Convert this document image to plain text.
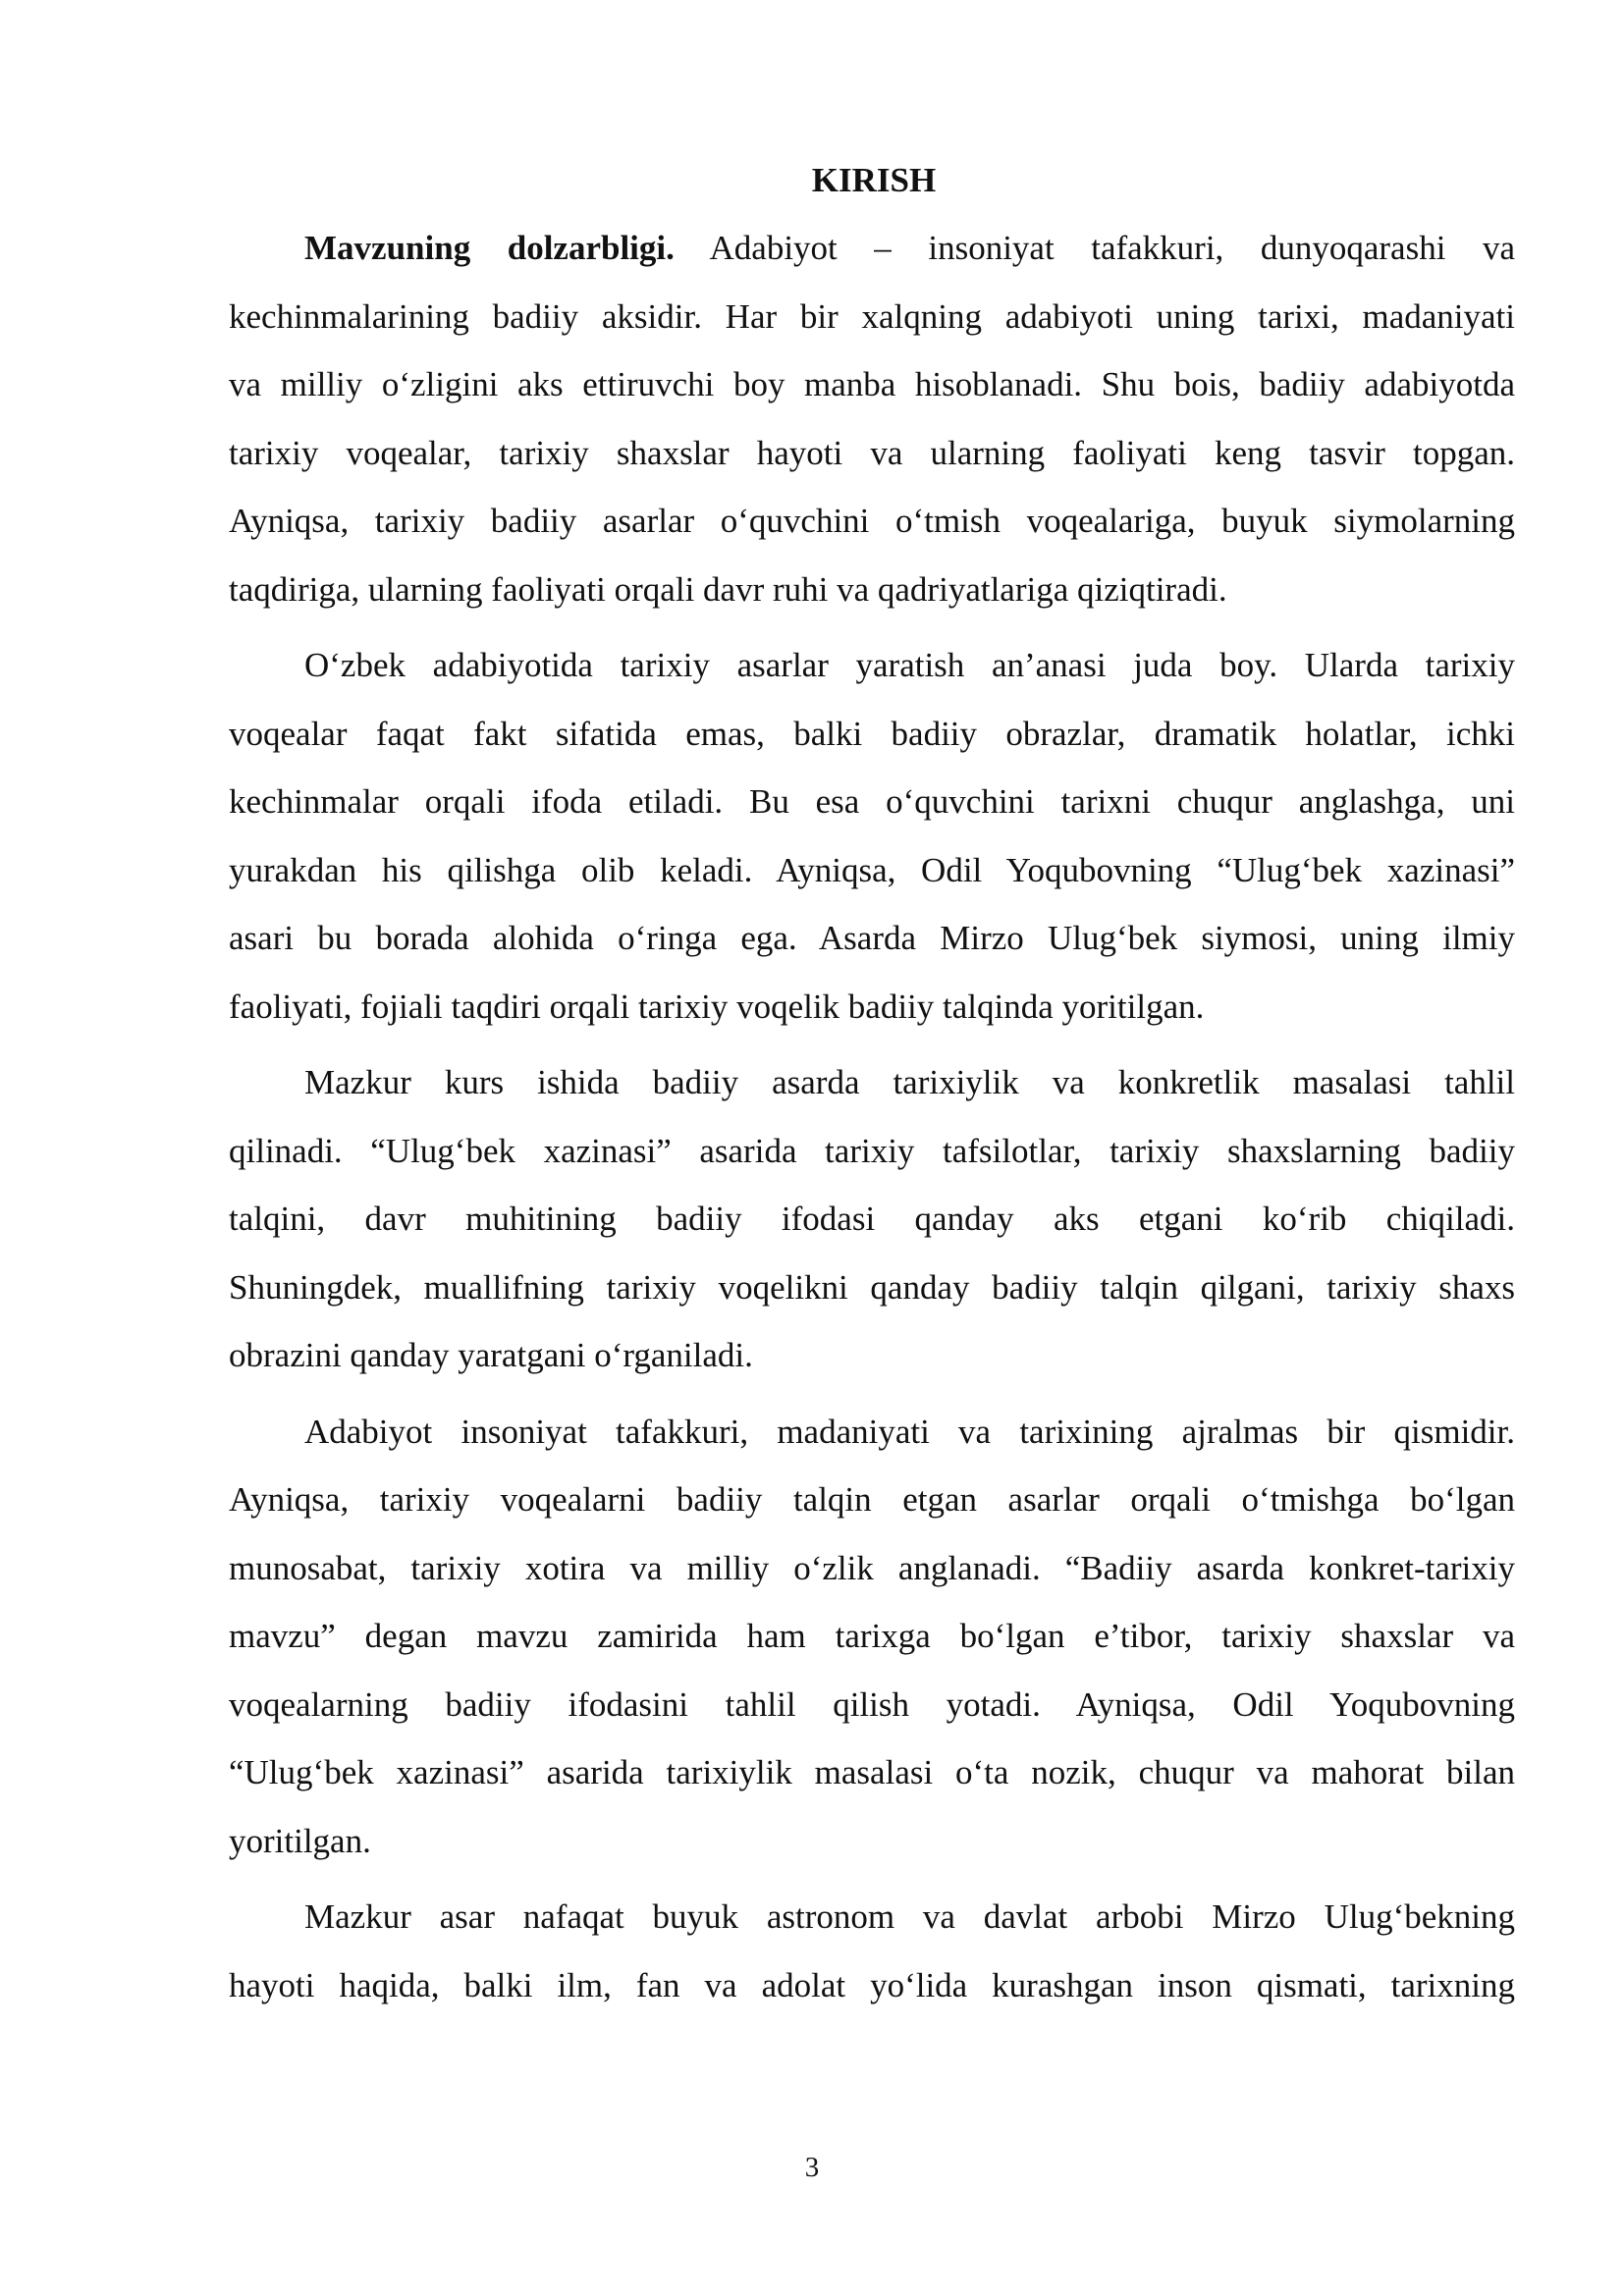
KIRISH

Mavzuning dolzarbligi. Adabiyot – insoniyat tafakkuri, dunyoqarashi va
kechinmalarining badiiy aksidir. Har bir xalqning adabiyoti uning tarixi, madaniyati
va milliy oʻzligini aks ettiruvchi boy manba hisoblanadi. Shu bois, badiiy adabiyotda
tarixiy voqealar, tarixiy shaxslar hayoti va ularning faoliyati keng tasvir topgan.
Ayniqsa, tarixiy badiiy asarlar oʻquvchini oʻtmish voqealariga, buyuk siymolarning
taqdiriga, ularning faoliyati orqali davr ruhi va qadriyatlariga qiziqtiradi.

Oʻzbek adabiyotida tarixiy asarlar yaratish an’anasi juda boy. Ularda tarixiy
voqealar faqat fakt sifatida emas, balki badiiy obrazlar, dramatik holatlar, ichki
kechinmalar orqali ifoda etiladi. Bu esa oʻquvchini tarixni chuqur anglashga, uni
yurakdan his qilishga olib keladi. Ayniqsa, Odil Yoqubovning “Ulugʻbek xazinasi”
asari bu borada alohida oʻringa ega. Asarda Mirzo Ulugʻbek siymosi, uning ilmiy
faoliyati, fojiali taqdiri orqali tarixiy voqelik badiiy talqinda yoritilgan.

Mazkur kurs ishida badiiy asarda tarixiylik va konkretlik masalasi tahlil
qilinadi. “Ulugʻbek xazinasi” asarida tarixiy tafsilotlar, tarixiy shaxslarning badiiy
talqini, davr muhitining badiiy ifodasi qanday aks etgani koʻrib chiqiladi.
Shuningdek, muallifning tarixiy voqelikni qanday badiiy talqin qilgani, tarixiy shaxs
obrazini qanday yaratgani oʻrganiladi.

Adabiyot insoniyat tafakkuri, madaniyati va tarixining ajralmas bir qismidir.
Ayniqsa, tarixiy voqealarni badiiy talqin etgan asarlar orqali oʻtmishga boʻlgan
munosabat, tarixiy xotira va milliy oʻzlik anglanadi. “Badiiy asarda konkret-tarixiy
mavzu” degan mavzu zamirida ham tarixga boʻlgan e’tibor, tarixiy shaxslar va
voqealarning badiiy ifodasini tahlil qilish yotadi. Ayniqsa, Odil Yoqubovning
“Ulugʻbek xazinasi” asarida tarixiylik masalasi oʻta nozik, chuqur va mahorat bilan
yoritilgan.

Mazkur asar nafaqat buyuk astronom va davlat arbobi Mirzo Ulugʻbekning
hayoti haqida, balki ilm, fan va adolat yoʻlida kurashgan inson qismati, tarixning

3
